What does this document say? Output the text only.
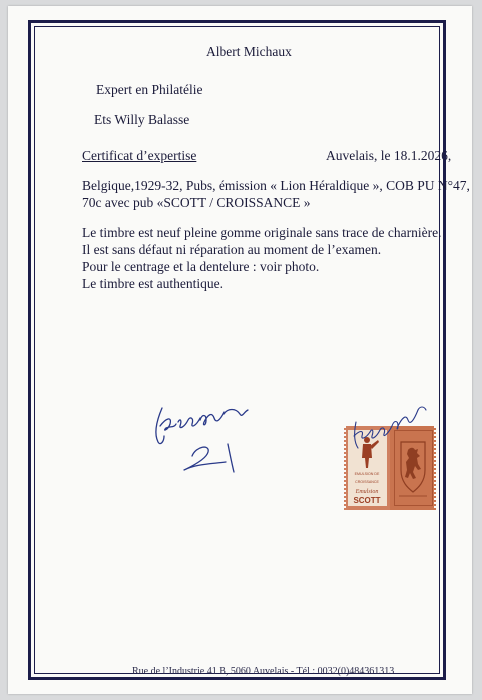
Albert Michaux
Expert en Philatélie
Ets Willy Balasse
Certificat d’expertise	Auvelais, le 18.1.2026,
Belgique,1929-32, Pubs, émission « Lion Héraldique », COB PU N°47,
70c avec pub «SCOTT / CROISSANCE »
Le timbre est neuf pleine gomme originale sans trace de charnière.
Il est sans défaut ni réparation au moment de l’examen.
Pour le centrage et la dentelure : voir photo.
Le timbre est authentique.
EMULSION DE
CROISSANCE
Emulsion
SCOTT
Rue de l’Industrie 41 B, 5060 Auvelais - Tél : 0032(0)484361313
